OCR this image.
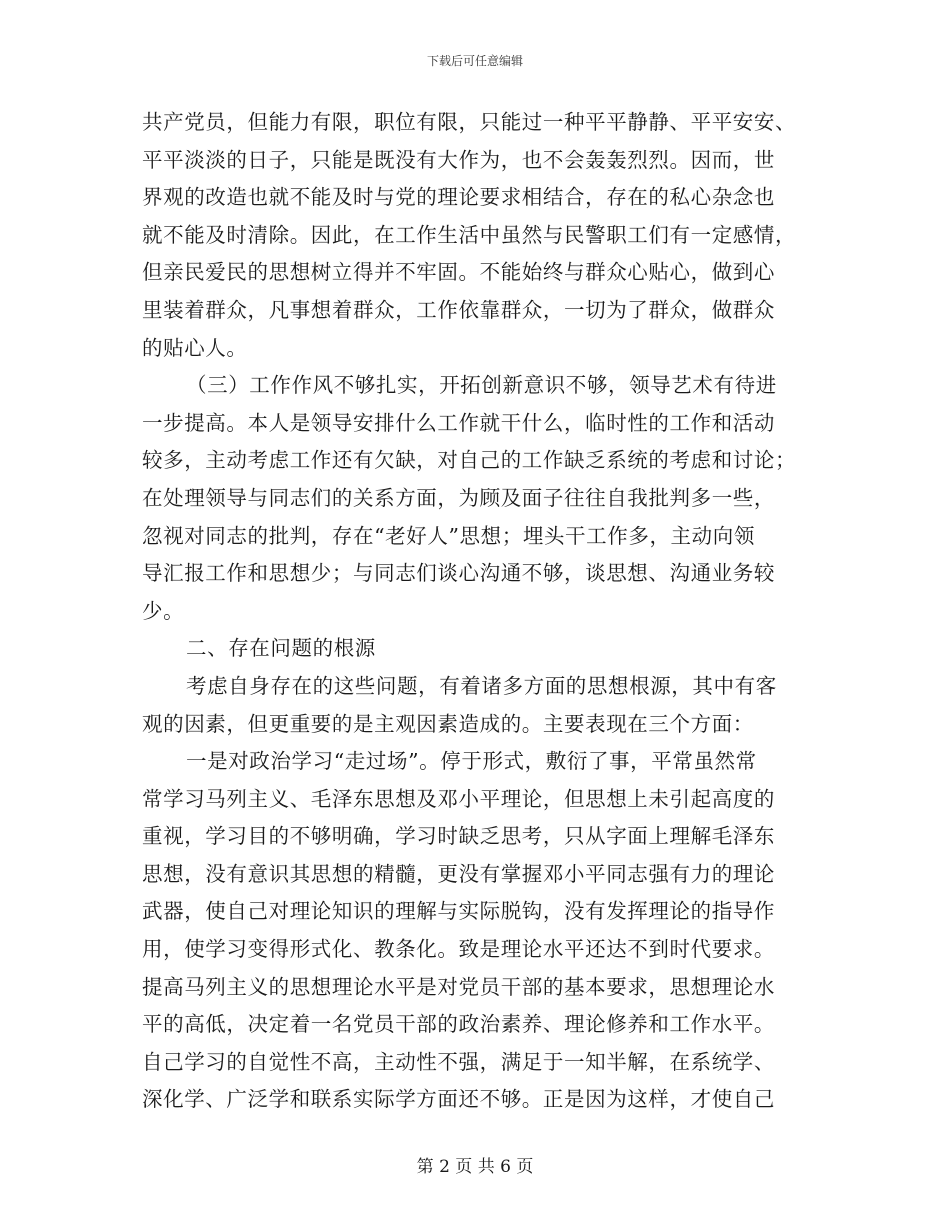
下载后可任意编辑
共产党员，但能力有限，职位有限，只能过一种平平静静、平平安安、
平平淡淡的日子，只能是既没有大作为，也不会轰轰烈烈。因而，世
界观的改造也就不能及时与党的理论要求相结合，存在的私心杂念也
就不能及时清除。因此，在工作生活中虽然与民警职工们有一定感情，
但亲民爱民的思想树立得并不牢固。不能始终与群众心贴心，做到心
里装着群众，凡事想着群众，工作依靠群众，一切为了群众，做群众
的贴心人。
（三）工作作风不够扎实，开拓创新意识不够，领导艺术有待进
一步提高。本人是领导安排什么工作就干什么，临时性的工作和活动
较多，主动考虑工作还有欠缺，对自己的工作缺乏系统的考虑和讨论；
在处理领导与同志们的关系方面，为顾及面子往往自我批判多一些，
忽视对同志的批判，存在“老好人”思想；埋头干工作多，主动向领
导汇报工作和思想少；与同志们谈心沟通不够，谈思想、沟通业务较
少。
二、存在问题的根源
考虑自身存在的这些问题，有着诸多方面的思想根源，其中有客
观的因素，但更重要的是主观因素造成的。主要表现在三个方面：
一是对政治学习“走过场”。停于形式，敷衍了事，平常虽然常
常学习马列主义、毛泽东思想及邓小平理论，但思想上未引起高度的
重视，学习目的不够明确，学习时缺乏思考，只从字面上理解毛泽东
思想，没有意识其思想的精髓，更没有掌握邓小平同志强有力的理论
武器，使自己对理论知识的理解与实际脱钩，没有发挥理论的指导作
用，使学习变得形式化、教条化。致是理论水平还达不到时代要求。
提高马列主义的思想理论水平是对党员干部的基本要求，思想理论水
平的高低，决定着一名党员干部的政治素养、理论修养和工作水平。
自己学习的自觉性不高，主动性不强，满足于一知半解，在系统学、
深化学、广泛学和联系实际学方面还不够。正是因为这样，才使自己
第 2 页 共 6 页
